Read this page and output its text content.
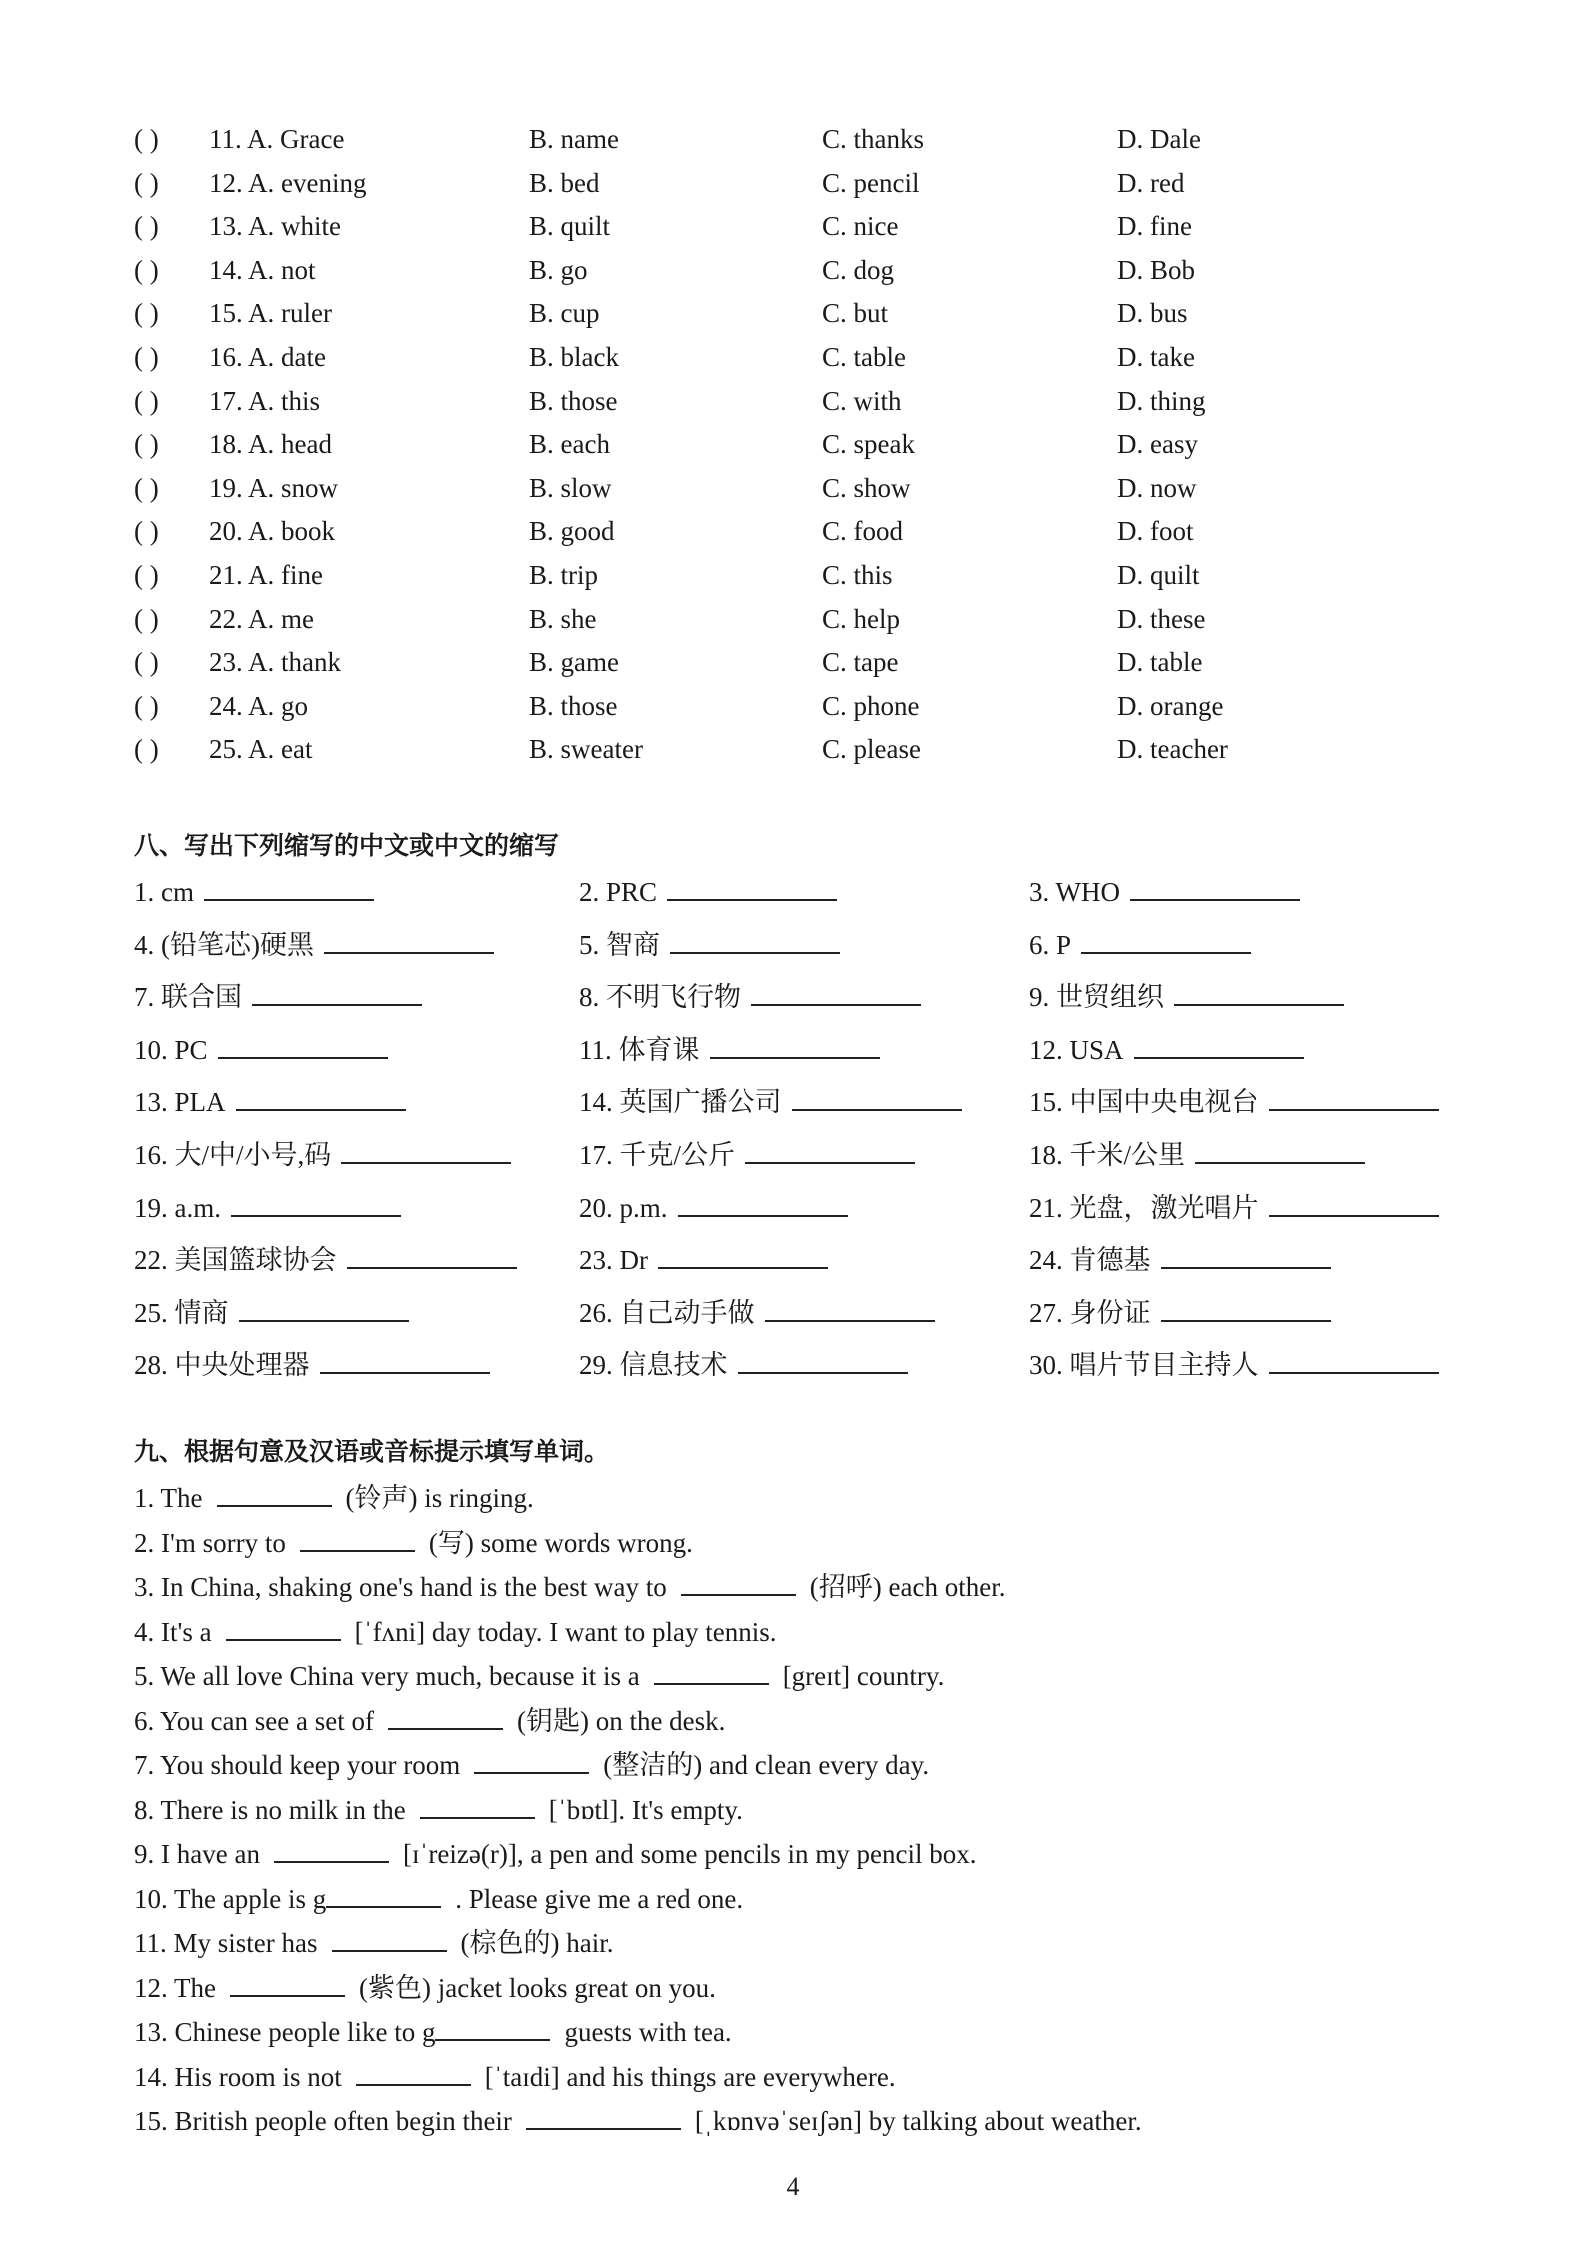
( ) 11. A. Grace	B. name	C. thanks	D. Dale
( ) 12. A. evening	B. bed	C. pencil	D. red
( ) 13. A. white	B. quilt	C. nice	D. fine
( ) 14. A. not	B. go	C. dog	D. Bob
( ) 15. A. ruler	B. cup	C. but	D. bus
( ) 16. A. date	B. black	C. table	D. take
( ) 17. A. this	B. those	C. with	D. thing
( ) 18. A. head	B. each	C. speak	D. easy
( ) 19. A. snow	B. slow	C. show	D. now
( ) 20. A. book	B. good	C. food	D. foot
( ) 21. A. fine	B. trip	C. this	D. quilt
( ) 22. A. me	B. she	C. help	D. these
( ) 23. A. thank	B. game	C. tape	D. table
( ) 24. A. go	B. those	C. phone	D. orange
( ) 25. A. eat	B. sweater	C. please	D. teacher
八、写出下列缩写的中文或中文的缩写
1. cm	2. PRC	3. WHO
4. (铅笔芯)硬黑	5. 智商	6. P
7. 联合国	8. 不明飞行物	9. 世贸组织
10. PC	11. 体育课	12. USA
13. PLA	14. 英国广播公司	15. 中国中央电视台
16. 大/中/小号,码	17. 千克/公斤	18. 千米/公里
19. a.m.	20. p.m.	21. 光盘，激光唱片
22. 美国篮球协会	23. Dr	24. 肯德基
25. 情商	26. 自己动手做	27. 身份证
28. 中央处理器	29. 信息技术	30. 唱片节目主持人
九、根据句意及汉语或音标提示填写单词。
1. The	(铃声) is ringing.
2. I'm sorry to	(写) some words wrong.
3. In China, shaking one's hand is the best way to	(招呼) each other.
4. It's a	[ˈfʌni] day today. I want to play tennis.
5. We all love China very much, because it is a	[greɪt] country.
6. You can see a set of	(钥匙) on the desk.
7. You should keep your room	(整洁的) and clean every day.
8. There is no milk in the	[ˈbɒtl]. It's empty.
9. I have an	[ɪˈreizə(r)], a pen and some pencils in my pencil box.
10. The apple is g	. Please give me a red one.
11. My sister has	(棕色的) hair.
12. The	(紫色) jacket looks great on you.
13. Chinese people like to g	guests with tea.
14. His room is not	[ˈtaɪdi] and his things are everywhere.
15. British people often begin their	[ˌkɒnvəˈseɪʃən] by talking about weather.
4
